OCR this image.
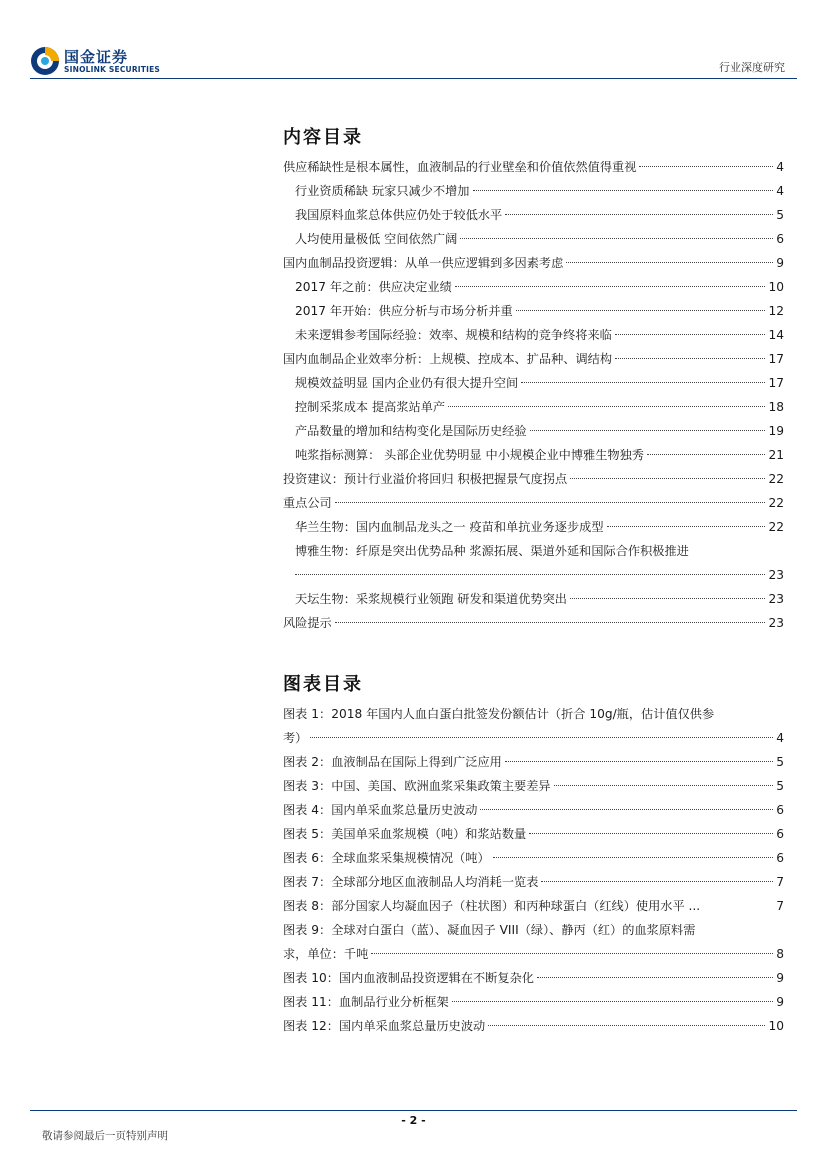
国金证券
SINOLINK SECURITIES	行业深度研究
内容目录
供应稀缺性是根本属性，血液制品的行业壁垒和价值依然值得重视	4
行业资质稀缺 玩家只减少不增加	4
我国原料血浆总体供应仍处于较低水平	5
人均使用量极低 空间依然广阔	6
国内血制品投资逻辑：从单一供应逻辑到多因素考虑	9
2017 年之前：供应决定业绩	10
2017 年开始：供应分析与市场分析并重	12
未来逻辑参考国际经验：效率、规模和结构的竞争终将来临	14
国内血制品企业效率分析：上规模、控成本、扩品种、调结构	17
规模效益明显 国内企业仍有很大提升空间	17
控制采浆成本 提高浆站单产	18
产品数量的增加和结构变化是国际历史经验	19
吨浆指标测算： 头部企业优势明显 中小规模企业中博雅生物独秀	21
投资建议：预计行业溢价将回归 积极把握景气度拐点	22
重点公司	22
华兰生物：国内血制品龙头之一 疫苗和单抗业务逐步成型	22
博雅生物：纤原是突出优势品种 浆源拓展、渠道外延和国际合作积极推进
23
天坛生物：采浆规模行业领跑 研发和渠道优势突出	23
风险提示	23
图表目录
图表 1：2018 年国内人血白蛋白批签发份额估计（折合 10g/瓶，估计值仅供参
考）	4
图表 2：血液制品在国际上得到广泛应用	5
图表 3：中国、美国、欧洲血浆采集政策主要差异	5
图表 4：国内单采血浆总量历史波动	6
图表 5：美国单采血浆规模（吨）和浆站数量	6
图表 6：全球血浆采集规模情况（吨）	6
图表 7：全球部分地区血液制品人均消耗一览表	7
图表 8：部分国家人均凝血因子（柱状图）和丙种球蛋白（红线）使用水平 ...	7
图表 9：全球对白蛋白（蓝）、凝血因子 VIII（绿）、静丙（红）的血浆原料需
求，单位：千吨	8
图表 10：国内血液制品投资逻辑在不断复杂化	9
图表 11：血制品行业分析框架	9
图表 12：国内单采血浆总量历史波动	10
- 2 -
敬请参阅最后一页特别声明
